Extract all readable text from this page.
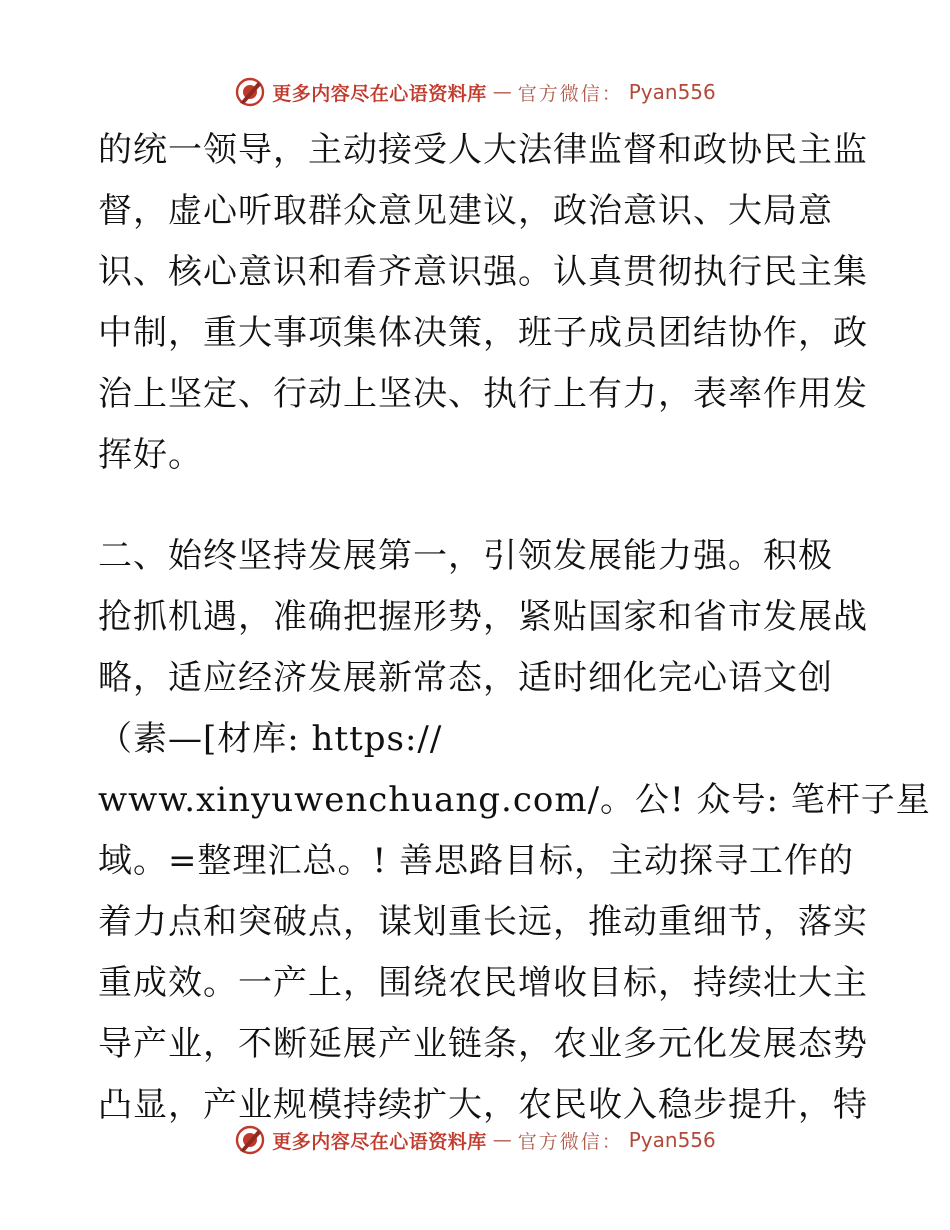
更多内容尽在心语资料库 — 官方微信： Pyan556
的统一领导，主动接受人大法律监督和政协民主监
督，虚心听取群众意见建议，政治意识、大局意
识、核心意识和看齐意识强。认真贯彻执行民主集
中制，重大事项集体决策，班子成员团结协作，政
治上坚定、行动上坚决、执行上有力，表率作用发
挥好。
二、始终坚持发展第一，引领发展能力强。积极
抢抓机遇，准确把握形势，紧贴国家和省市发展战
略，适应经济发展新常态，适时细化完心语文创
（素—[材库: https://
www.xinyuwenchuang.com/。公! 众号: 笔杆子星
域。=整理汇总。! 善思路目标，主动探寻工作的
着力点和突破点，谋划重长远，推动重细节，落实
重成效。一产上，围绕农民增收目标，持续壮大主
导产业，不断延展产业链条，农业多元化发展态势
凸显，产业规模持续扩大，农民收入稳步提升，特
更多内容尽在心语资料库 — 官方微信： Pyan556
